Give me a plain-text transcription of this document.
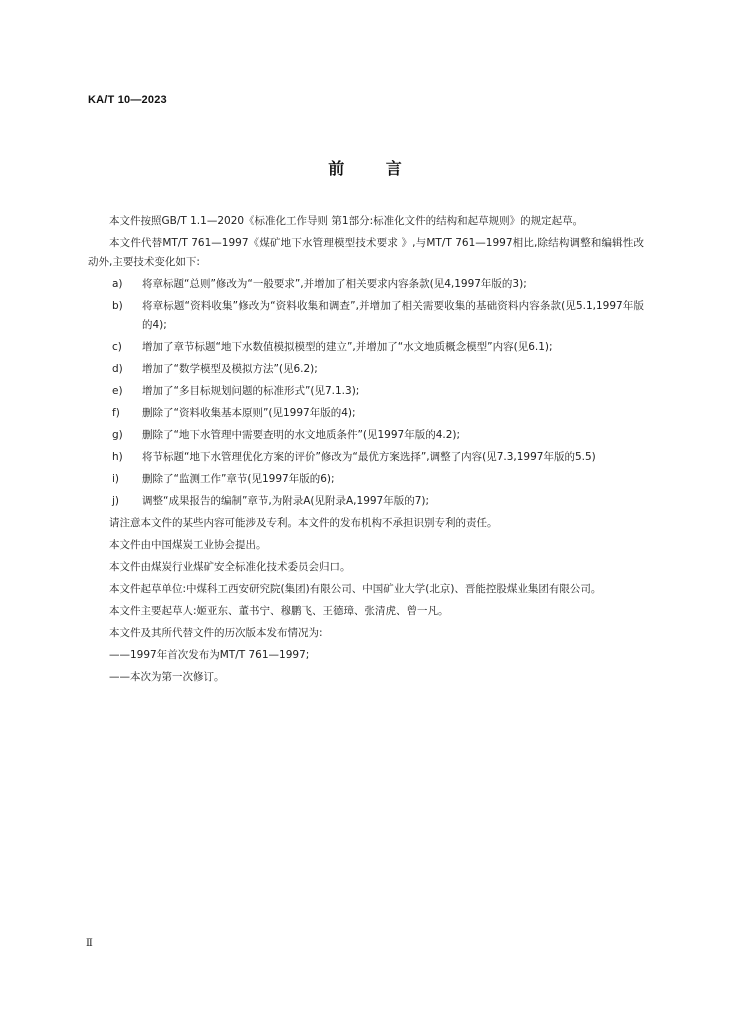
KA/T 10—2023
前 言

本文件按照GB/T 1.1—2020《标准化工作导则 第1部分:标准化文件的结构和起草规则》的规定起草。

本文件代替MT/T 761—1997《煤矿地下水管理模型技术要求 》,与MT/T 761—1997相比,除结构调整和编辑性改动外,主要技术变化如下:

a) 将章标题“总则”修改为“一般要求”,并增加了相关要求内容条款(见4,1997年版的3);
b) 将章标题“资料收集”修改为“资料收集和调查”,并增加了相关需要收集的基础资料内容条款(见5.1,1997年版的4);
c) 增加了章节标题“地下水数值模拟模型的建立”,并增加了“水文地质概念模型”内容(见6.1);
d) 增加了“数学模型及模拟方法”(见6.2);
e) 增加了“多目标规划问题的标准形式”(见7.1.3);
f) 删除了“资料收集基本原则”(见1997年版的4);
g) 删除了“地下水管理中需要查明的水文地质条件”(见1997年版的4.2);
h) 将节标题“地下水管理优化方案的评价”修改为“最优方案选择”,调整了内容(见7.3,1997年版的5.5)
i) 删除了“监测工作”章节(见1997年版的6);
j) 调整“成果报告的编制”章节,为附录A(见附录A,1997年版的7);

请注意本文件的某些内容可能涉及专利。本文件的发布机构不承担识别专利的责任。

本文件由中国煤炭工业协会提出。

本文件由煤炭行业煤矿安全标准化技术委员会归口。

本文件起草单位:中煤科工西安研究院(集团)有限公司、中国矿业大学(北京)、晋能控股煤业集团有限公司。

本文件主要起草人:姬亚东、董书宁、穆鹏飞、王德璋、张清虎、曾一凡。

本文件及其所代替文件的历次版本发布情况为:

——1997年首次发布为MT/T 761—1997;
——本次为第一次修订。
Ⅱ
